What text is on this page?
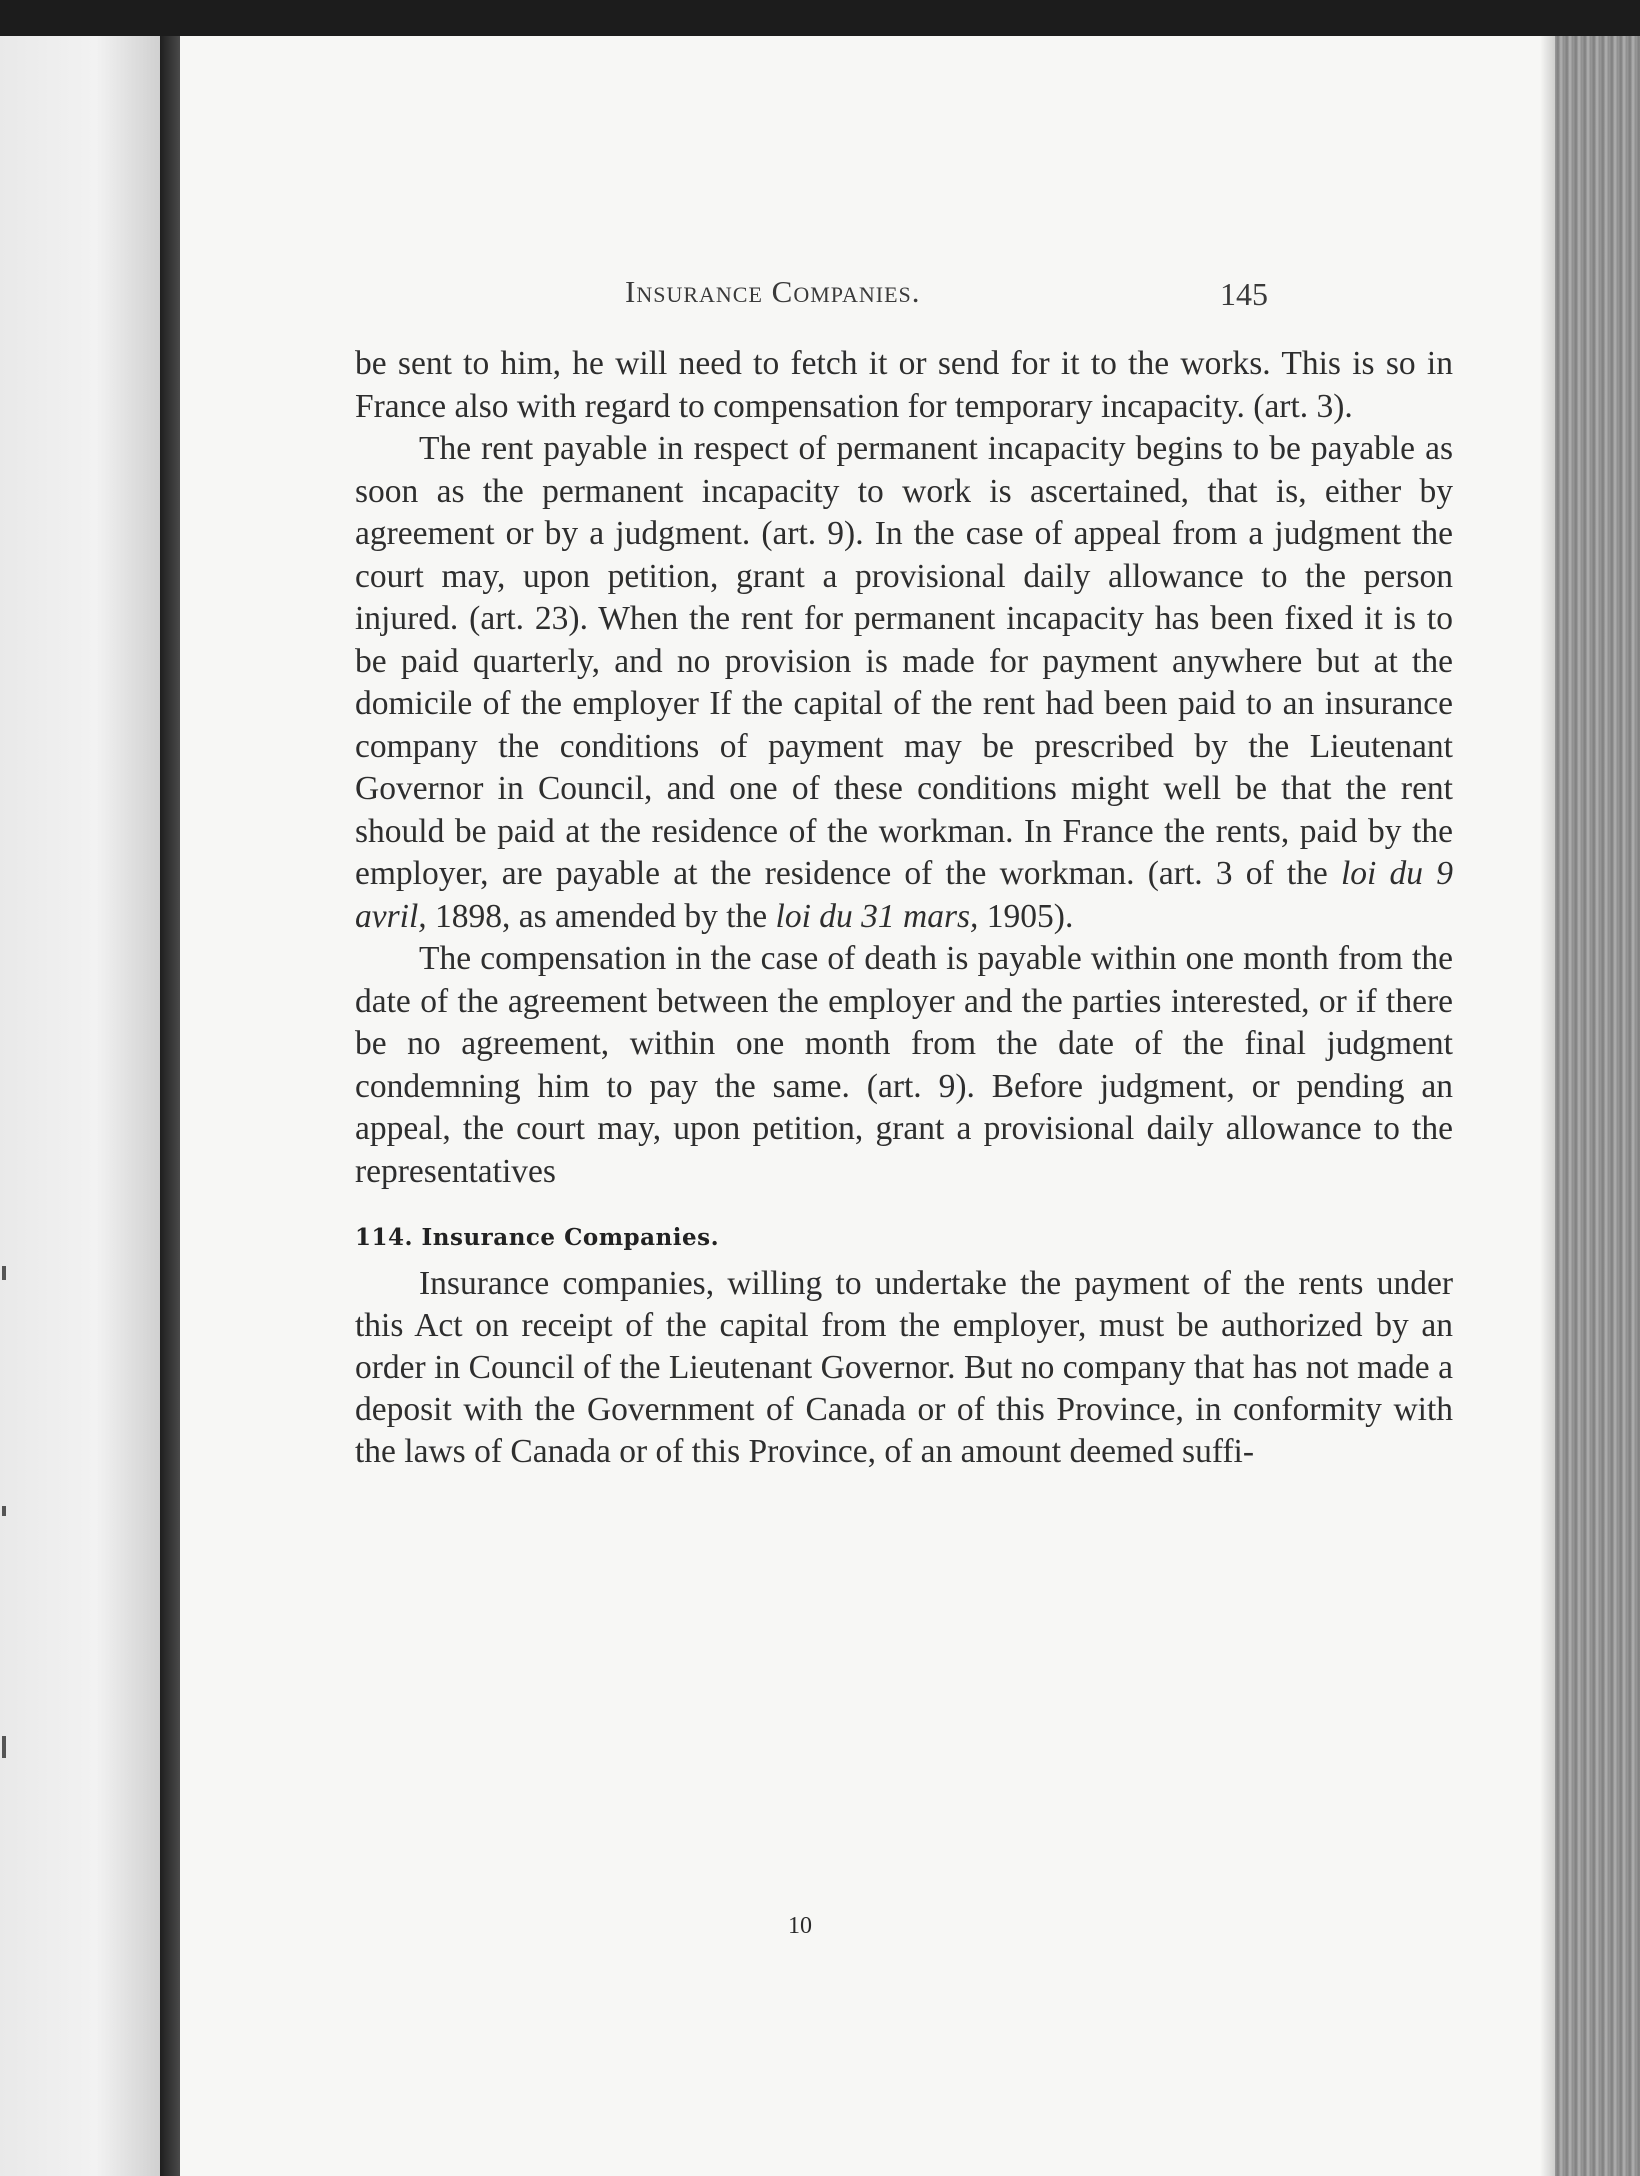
Insurance Companies.	145

be sent to him, he will need to fetch it or send for it to the works. This is so in France also with regard to compensation for temporary incapacity. (art. 3).

The rent payable in respect of permanent incapacity begins to be payable as soon as the permanent incapacity to work is ascertained, that is, either by agreement or by a judgment. (art. 9). In the case of appeal from a judgment the court may, upon petition, grant a provisional daily allowance to the person injured. (art. 23). When the rent for permanent incapacity has been fixed it is to be paid quarterly, and no provision is made for payment anywhere but at the domicile of the employer If the capital of the rent had been paid to an insurance company the conditions of payment may be prescribed by the Lieutenant Governor in Council, and one of these conditions might well be that the rent should be paid at the residence of the workman. In France the rents, paid by the employer, are payable at the residence of the workman. (art. 3 of the loi du 9 avril, 1898, as amended by the loi du 31 mars, 1905).

The compensation in the case of death is payable within one month from the date of the agreement between the employer and the parties interested, or if there be no agreement, within one month from the date of the final judgment condemning him to pay the same. (art. 9). Before judgment, or pending an appeal, the court may, upon petition, grant a provisional daily allowance to the representatives

114. Insurance Companies.

Insurance companies, willing to undertake the payment of the rents under this Act on receipt of the capital from the employer, must be authorized by an order in Council of the Lieutenant Governor. But no company that has not made a deposit with the Government of Canada or of this Province, in conformity with the laws of Canada or of this Province, of an amount deemed suffi-

10
